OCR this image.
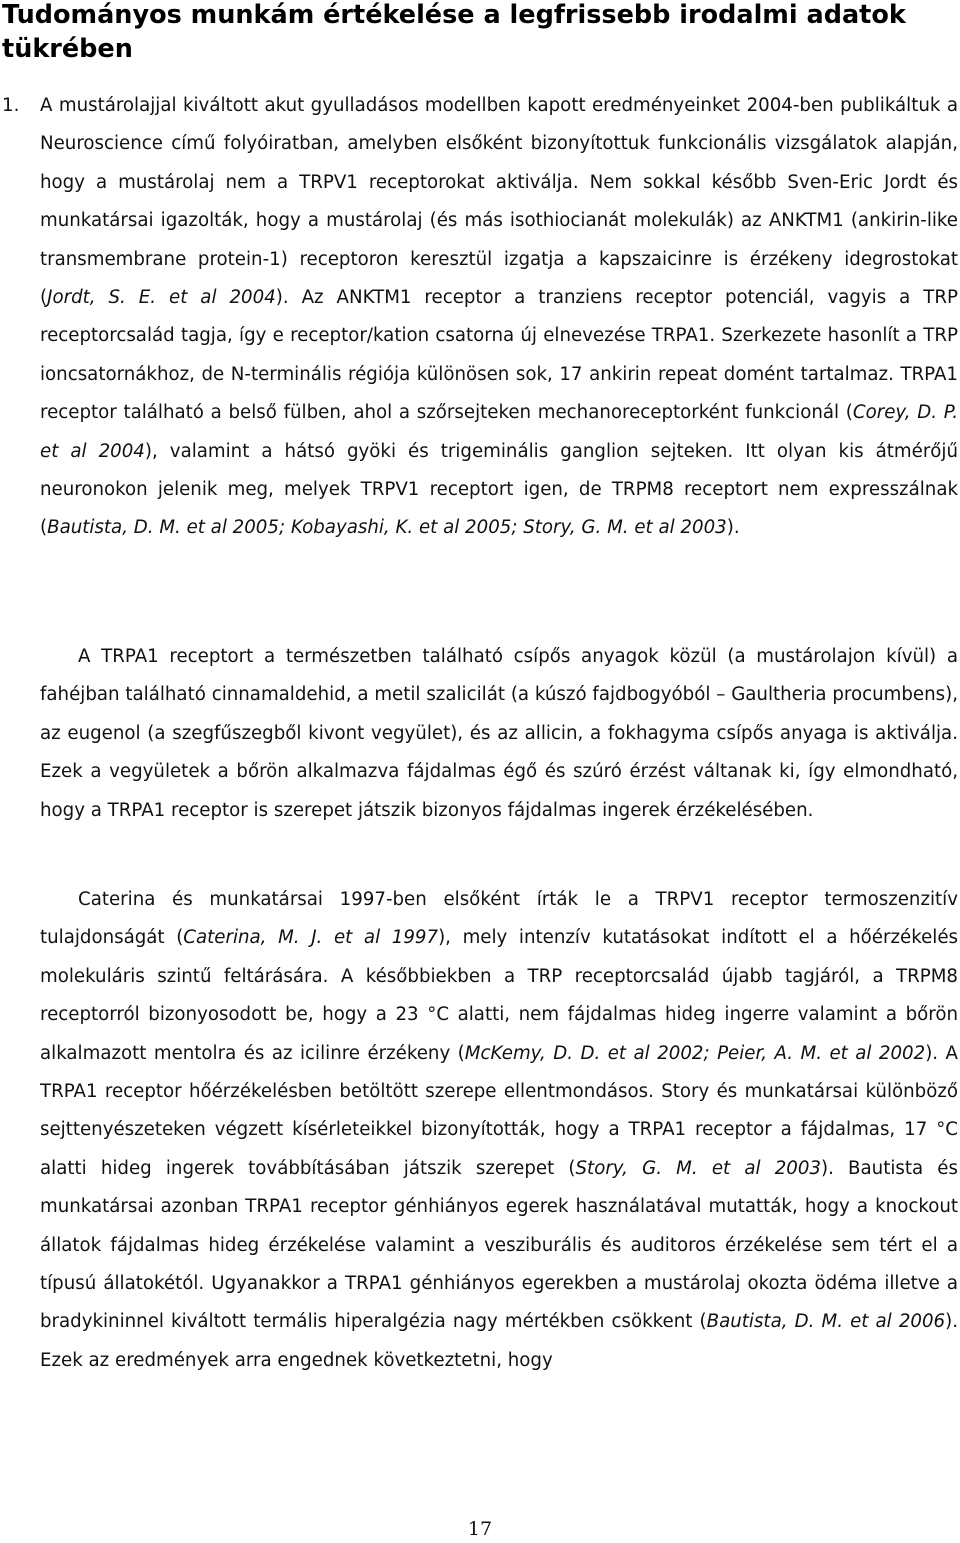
Tudományos munkám értékelése a legfrissebb irodalmi adatok tükrében
1. A mustárolajjal kiváltott akut gyulladásos modellben kapott eredményeinket 2004-ben publikáltuk a Neuroscience című folyóiratban, amelyben elsőként bizonyítottuk funkcionális vizsgálatok alapján, hogy a mustárolaj nem a TRPV1 receptorokat aktiválja. Nem sokkal később Sven-Eric Jordt és munkatársai igazolták, hogy a mustárolaj (és más isothiocianát molekulák) az ANKTM1 (ankirin-like transmembrane protein-1) receptoron keresztül izgatja a kapszaicinre is érzékeny idegrostokat (Jordt, S. E. et al 2004). Az ANKTM1 receptor a tranziens receptor potenciál, vagyis a TRP receptorcsalád tagja, így e receptor/kation csatorna új elnevezése TRPA1. Szerkezete hasonlít a TRP ioncsatornákhoz, de N-terminális régiója különösen sok, 17 ankirin repeat domént tartalmaz. TRPA1 receptor található a belső fülben, ahol a szőrsejteken mechanoreceptorként funkcionál (Corey, D. P. et al 2004), valamint a hátsó gyöki és trigeminális ganglion sejteken. Itt olyan kis átmérőjű neuronokon jelenik meg, melyek TRPV1 receptort igen, de TRPM8 receptort nem expresszálnak (Bautista, D. M. et al 2005; Kobayashi, K. et al 2005; Story, G. M. et al 2003).

A TRPA1 receptort a természetben található csípős anyagok közül (a mustárolajon kívül) a fahéjban található cinnamaldehid, a metil szalicilát (a kúszó fajdbogyóból – Gaultheria procumbens), az eugenol (a szegfűszegből kivont vegyület), és az allicin, a fokhagyma csípős anyaga is aktiválja. Ezek a vegyületek a bőrön alkalmazva fájdalmas égő és szúró érzést váltanak ki, így elmondható, hogy a TRPA1 receptor is szerepet játszik bizonyos fájdalmas ingerek érzékelésében.

Caterina és munkatársai 1997-ben elsőként írták le a TRPV1 receptor termoszenzitív tulajdonságát (Caterina, M. J. et al 1997), mely intenzív kutatásokat indított el a hőérzékelés molekuláris szintű feltárására. A későbbiekben a TRP receptorcsalád újabb tagjáról, a TRPM8 receptorról bizonyosodott be, hogy a 23 °C alatti, nem fájdalmas hideg ingerre valamint a bőrön alkalmazott mentolra és az icilinre érzékeny (McKemy, D. D. et al 2002; Peier, A. M. et al 2002). A TRPA1 receptor hőérzékelésben betöltött szerepe ellentmondásos. Story és munkatársai különböző sejttenyészeteken végzett kísérleteikkel bizonyították, hogy a TRPA1 receptor a fájdalmas, 17 °C alatti hideg ingerek továbbításában játszik szerepet (Story, G. M. et al 2003). Bautista és munkatársai azonban TRPA1 receptor génhiányos egerek használatával mutatták, hogy a knockout állatok fájdalmas hideg érzékelése valamint a vesziburális és auditoros érzékelése sem tért el a típusú állatokétól. Ugyanakkor a TRPA1 génhiányos egerekben a mustárolaj okozta ödéma illetve a bradykininnel kiváltott termális hiperalgézia nagy mértékben csökkent (Bautista, D. M. et al 2006). Ezek az eredmények arra engednek következtetni, hogy

17
